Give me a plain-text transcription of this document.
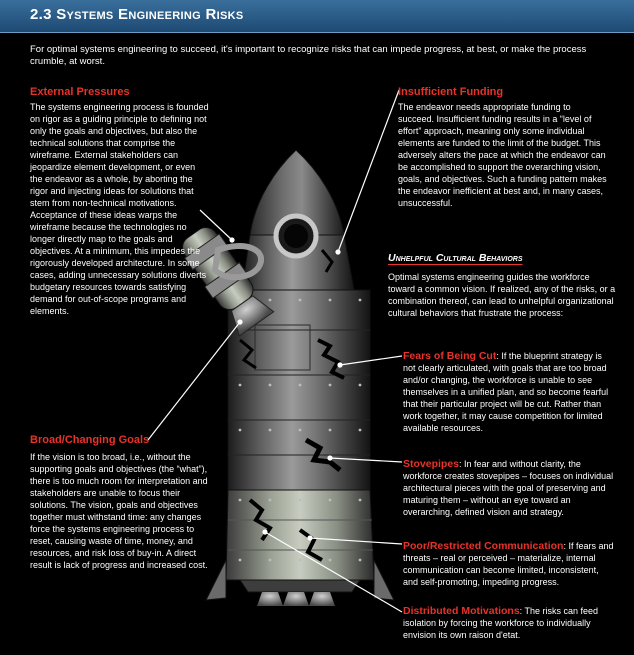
2.3 Systems Engineering Risks
For optimal systems engineering to succeed, it's important to recognize risks that can impede progress, at best, or make the process crumble, at worst.
External Pressures

The systems engineering process is founded on rigor as a guiding principle to defining not only the goals and objectives, but also the technical solutions that comprise the wireframe. External stakeholders can jeopardize element development, or even the endeavor as a whole, by aborting the rigor and injecting ideas for solutions that stem from non-technical motivations. Acceptance of these ideas warps the wireframe because the technologies no longer directly map to the goals and objectives. At a minimum, this impedes the rigorously developed architecture. In some cases, adding unnecessary solutions diverts budgetary resources towards satisfying demand for out-of-scope programs and elements.

Insufficient Funding

The endeavor needs appropriate funding to succeed. Insufficient funding results in a “level of effort” approach, meaning only some individual elements are funded to the limit of the budget. This adversely alters the pace at which the endeavor can be accomplished to support the overarching vision, goals, and objectives. Such a funding pattern makes the endeavor inefficient at best and, in many cases, unsuccessful.

Unhelpful Cultural Behaviors

Optimal systems engineering guides the workforce toward a common vision. If realized, any of the risks, or a combination thereof, can lead to unhelpful organizational cultural behaviors that frustrate the process:

Fears of Being Cut: If the blueprint strategy is not clearly articulated, with goals that are too broad and/or changing, the workforce is unable to see themselves in a unified plan, and so become fearful that their particular project will be cut. Rather than work together, it may cause competition for limited available resources.

Stovepipes: In fear and without clarity, the workforce creates stovepipes – focuses on individual architectural pieces with the goal of preserving and maturing them – without an eye toward an overarching, defined vision and strategy.

Poor/Restricted Communication: If fears and threats – real or perceived – materialize, internal communication can become limited, inconsistent, and self-promoting, impeding progress.

Distributed Motivations: The risks can feed isolation by forcing the workforce to individually envision its own raison d'etat.

Broad/Changing Goals

If the vision is too broad, i.e., without the supporting goals and objectives (the “what”), there is too much room for interpretation and stakeholders are unable to focus their solutions. The vision, goals and objectives together must withstand time: any changes force the systems engineering process to reset, causing waste of time, money, and resources, and risk loss of buy-in. A direct result is lack of progress and increased cost.
